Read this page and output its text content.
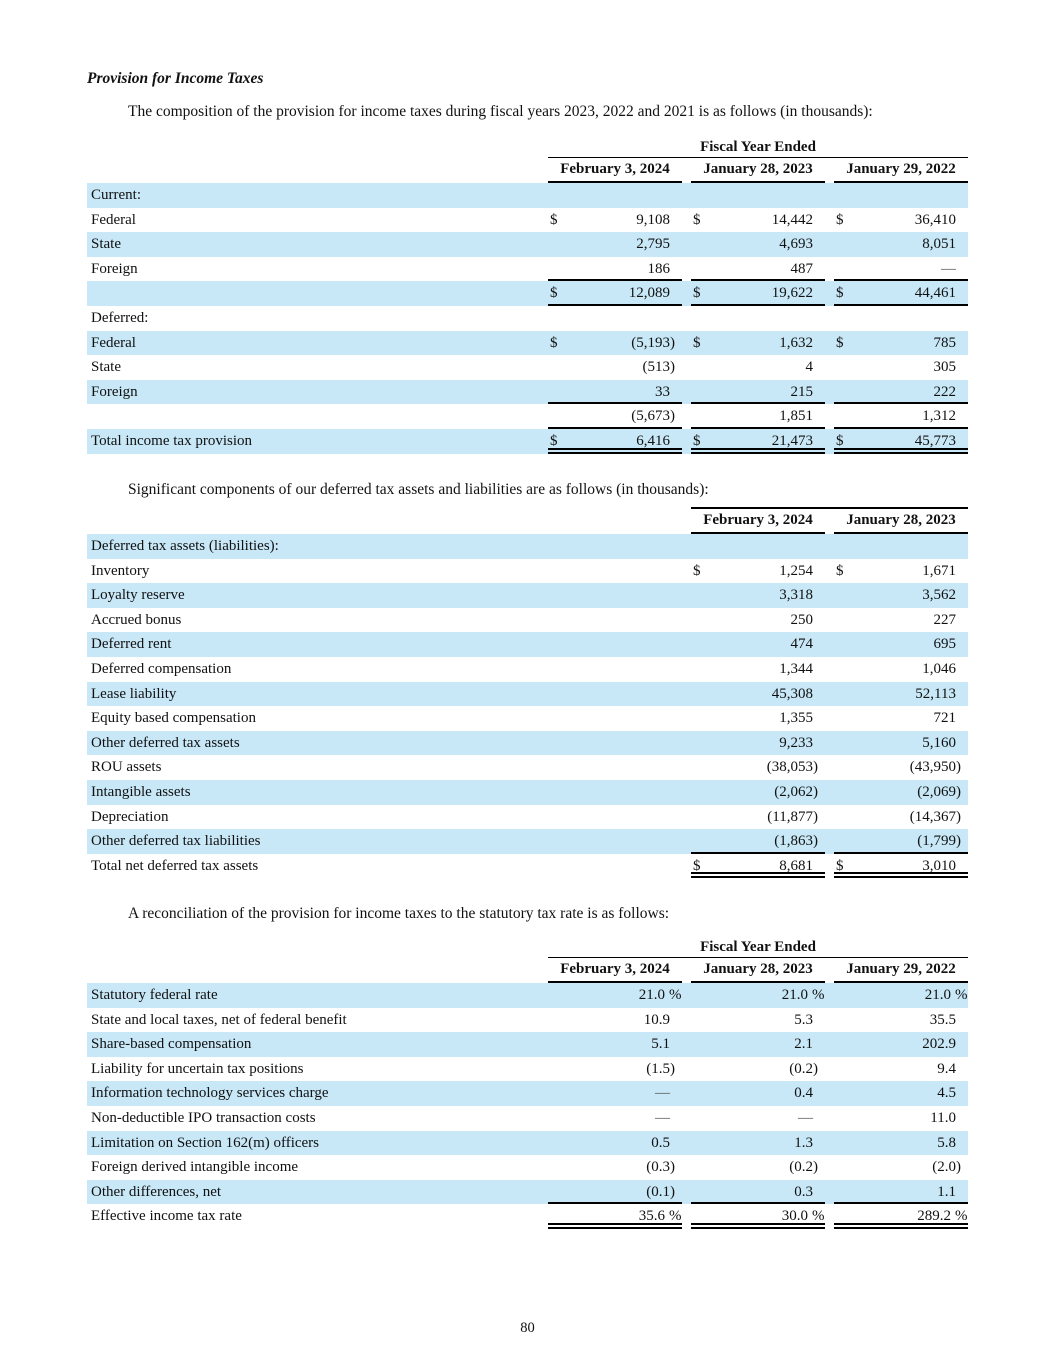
Provision for Income Taxes

The composition of the provision for income taxes during fiscal years 2023, 2022 and 2021 is as follows (in thousands):

Fiscal Year Ended
February 3, 2024	January 28, 2023	January 29, 2022
Current:
Federal	$	9,108 $	14,442 $	36,410
State	2,795	4,693	8,051
Foreign	186	487	—
$	12,089 $	19,622 $	44,461
Deferred:
Federal	$	(5,193 )	$	1,632 $	785
State	(513 )	4	305
Foreign	33	215	222
(5,673 )	1,851	1,312
Total income tax provision	$	6,416 $	21,473 $	45,773

Significant components of our deferred tax assets and liabilities are as follows (in thousands):

February 3, 2024	January 28, 2023
Deferred tax assets (liabilities):
Inventory	$	1,254 $	1,671
Loyalty reserve	3,318	3,562
Accrued bonus	250	227
Deferred rent	474	695
Deferred compensation	1,344	1,046
Lease liability	45,308	52,113
Equity based compensation	1,355	721
Other deferred tax assets	9,233	5,160
ROU assets	(38,053 )	(43,950 )
Intangible assets	(2,062 )	(2,069 )
Depreciation	(11,877 )	(14,367 )
Other deferred tax liabilities	(1,863 )	(1,799 )
Total net deferred tax assets	$	8,681 $	3,010

A reconciliation of the provision for income taxes to the statutory tax rate is as follows:

Fiscal Year Ended
February 3, 2024	January 28, 2023	January 29, 2022
Statutory federal rate	21.0 %	21.0 %	21.0 %
State and local taxes, net of federal benefit	10.9	5.3	35.5
Share-based compensation	5.1	2.1	202.9
Liability for uncertain tax positions	(1.5 )	(0.2 )	9.4
Information technology services charge	—	0.4	4.5
Non-deductible IPO transaction costs	—	—	11.0
Limitation on Section 162(m) officers	0.5	1.3	5.8
Foreign derived intangible income	(0.3 )	(0.2 )	(2.0 )
Other differences, net	(0.1 )	0.3	1.1
Effective income tax rate	35.6 %	30.0 %	289.2 %
80
